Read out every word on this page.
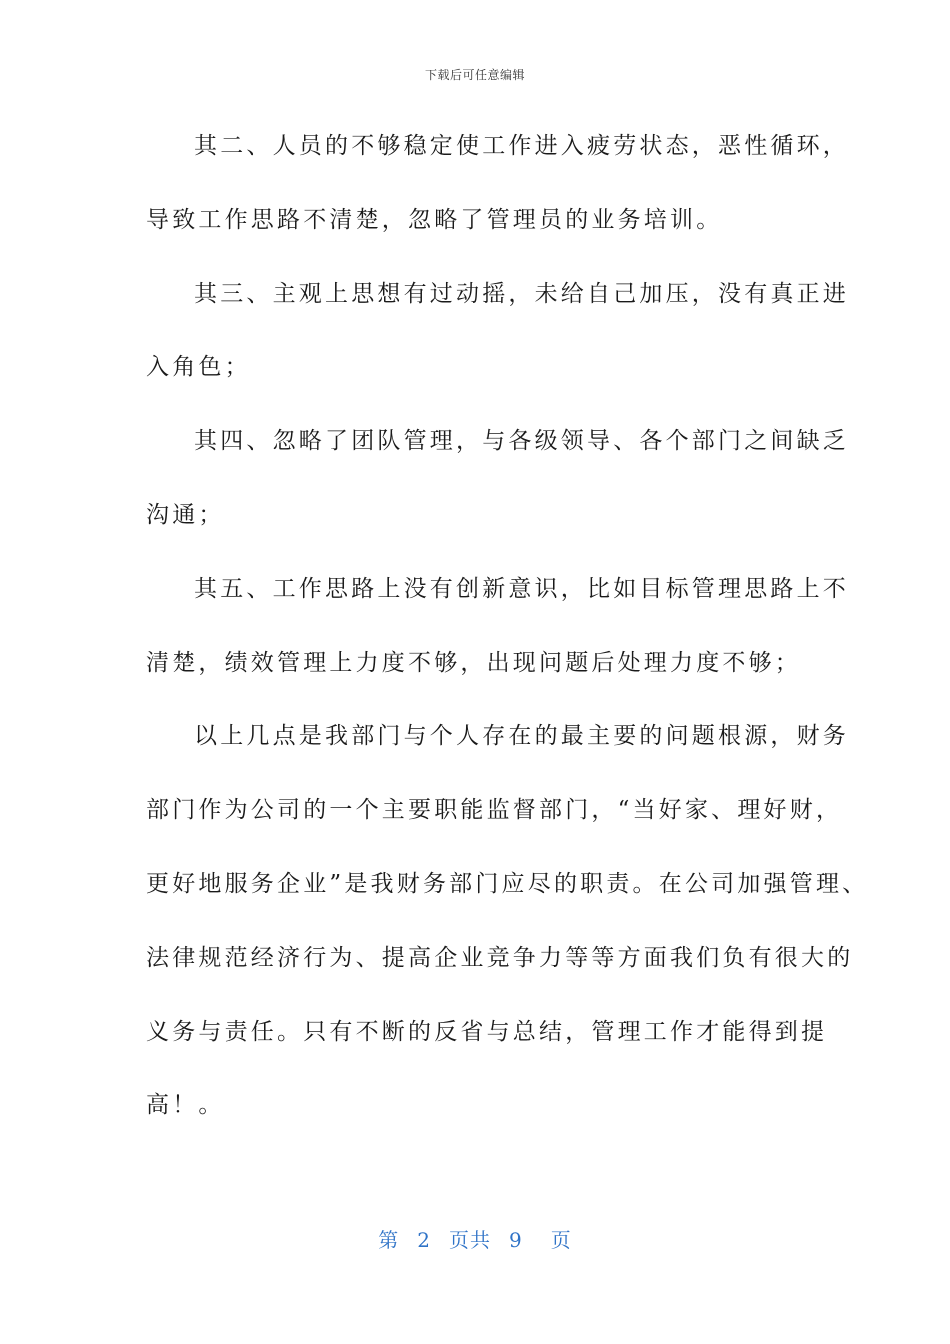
下载后可任意编辑
其二、人员的不够稳定使工作进入疲劳状态，恶性循环，
导致工作思路不清楚，忽略了管理员的业务培训。
其三、主观上思想有过动摇，未给自己加压，没有真正进
入角色；
其四、忽略了团队管理，与各级领导、各个部门之间缺乏
沟通；
其五、工作思路上没有创新意识，比如目标管理思路上不
清楚，绩效管理上力度不够，出现问题后处理力度不够；
以上几点是我部门与个人存在的最主要的问题根源，财务
部门作为公司的一个主要职能监督部门，“当好家、理好财，
更好地服务企业”是我财务部门应尽的职责。在公司加强管理、
法律规范经济行为、提高企业竞争力等等方面我们负有很大的
义务与责任。只有不断的反省与总结，管理工作才能得到提
高！。
第 2 页共 9 页
